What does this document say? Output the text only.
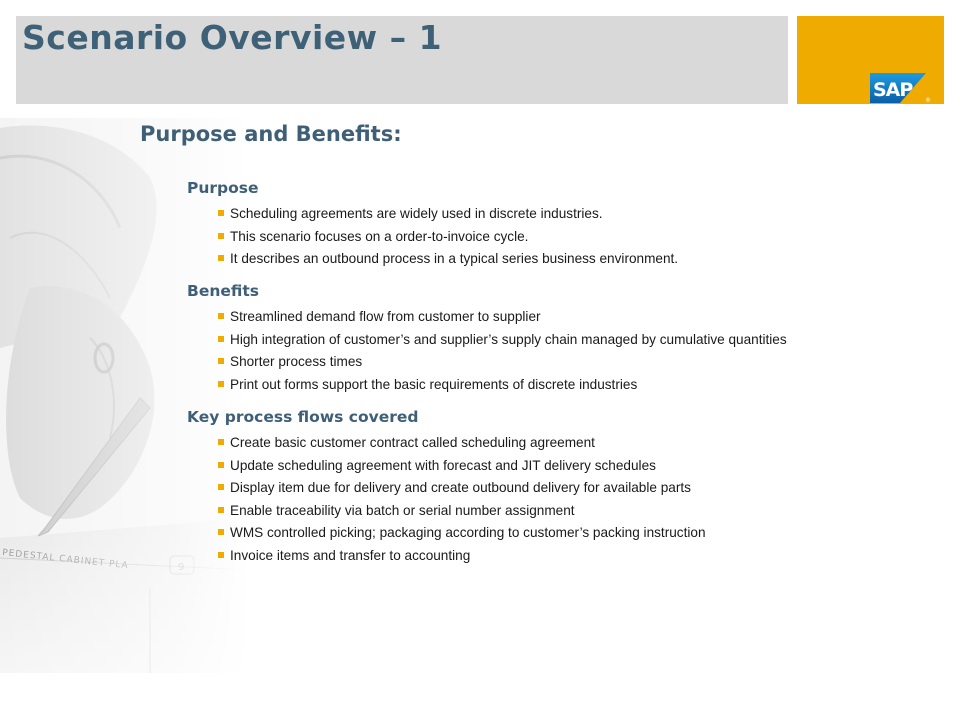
Scenario Overview – 1
SAP ®
Purpose and Benefits:
Purpose
Scheduling agreements are widely used in discrete industries.
This scenario focuses on a order-to-invoice cycle.
It describes an outbound process in a typical series business environment.
Benefits
Streamlined demand flow from customer to supplier
High integration of customer’s and supplier’s supply chain managed by cumulative quantities
Shorter process times
Print out forms support the basic requirements of discrete industries
Key process flows covered
Create basic customer contract called scheduling agreement
Update scheduling agreement with forecast and JIT delivery schedules
Display item due for delivery and create outbound delivery for available parts
Enable traceability via batch or serial number assignment
WMS controlled picking; packaging according to customer’s packing instruction
Invoice items and transfer to accounting
